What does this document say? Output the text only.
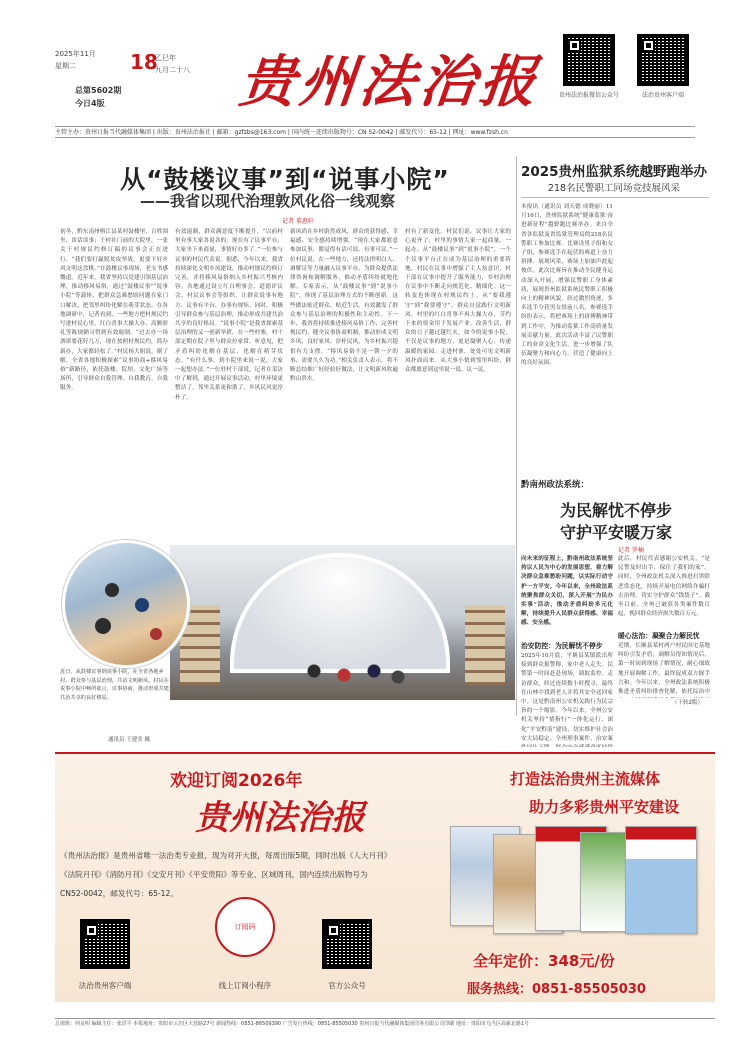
2025年11月
星期二	18
乙巳年
九月二十八
总第5602期
今日4版 贵州法治报	贵州法治报微信公众号	法治贵州客户端
主管主办：贵州日报当代融媒体集团 | 出版：贵州法治报社 | 邮箱：gzfzbs@163.com | 国内统一连续出版物号：CN 52-0042 | 邮发代号：65-12 | 网址：www.fzsh.cn
从“鼓楼议事”到“说事小院”
——我省以现代治理敦风化俗一线观察
记者 董惠轩
初冬，黔东南州榕江县某村鼓楼里，百姓围坐、谈话谈事；千村社门前的大院里，一张关于村规民约修订稿的议事会正在进行。“我们要打赢脱贫攻坚战，更要下好乡风文明这盘棋。”在鼓楼议事现场，老支书感慨道。近年来，我省坚持以党建引领基层治理，推动移风易俗，通过“鼓楼议事”“说事小院”等载体，把群众急难愁盼问题在家门口解决，把邻里纠纷化解在萌芽状态。在各地调研中，记者看到，一些地方把村规民约写进村民心里，红白喜事大操大办、高额彩礼等陈规陋习得到有效遏制。“过去办一场酒席要花好几万，现在按照村规民约，简办新办，大家都轻松了。”村民杨大姐说。据了解，全省各地积极探索“议事协商+移风易俗”新路径，依托鼓楼、院坝、文化广场等场所，引导群众自我管理、自我教育、自我服务。
有效遏制，群众满意度不断提升。“以前村里有事大家各说各的，现在有了议事平台，大家坐下来商量，事情好办多了。”一位参与议事的村民代表说。据悉，今年以来，我省持续深化文明乡风建设，推动村规民约修订完善，并将移风易俗纳入乡村振兴考核内容。各地通过设立红白理事会、道德评议会、村民议事会等组织，让群众说事有地方、议事有平台、办事有规矩。同时，积极引导群众参与基层治理，推动形成共建共治共享的良好格局。“说事小院”是我省探索基层治理的又一创新举措。在一些村寨，村干部定期在院子里与群众拉家常、听意见，把矛盾纠纷化解在基层、化解在萌芽状态。“有什么事，到小院里来说一说，大家一起想办法。”一位驻村干部说。记者在采访中了解到，通过开展议事活动，村里环境更整洁了，邻里关系更和谐了，乡风民风更淳朴了。
新风尚在乡村蔚然成风，群众的获得感、幸福感、安全感持续增强。“现在大家都愿意参加议事，都觉得有话可说、有事可议。”一位村民说。在一些地方，还将法律明白人、调解员等力量融入议事平台，为群众提供法律咨询和调解服务，推动矛盾纠纷就地化解。专家表示，从“鼓楼议事”到“说事小院”，体现了基层治理方式的不断创新。这些做法贴近群众、贴近生活，有效激发了群众参与基层治理的积极性和主动性。下一步，我省将持续推进移风易俗工作，完善村规民约，健全议事协商机制，推动形成文明乡风、良好家风、淳朴民风，为乡村振兴提供有力支撑。“移风易俗不是一朝一夕的事，需要久久为功。”相关负责人表示，将不断总结推广好经验好做法，让文明新风吹遍黔山贵水。
村有了新变化。村民们说，议事让大家的心更齐了，村里的事情大家一起商量、一起办。从“鼓楼议事”到“说事小院”，一个个议事平台正在成为基层治理的重要阵地。村民在议事中增强了主人翁意识，村干部在议事中提升了服务能力，乡村治理在议事中不断走向规范化、精细化。这一转变也体现在村规民约上。从“要我遵守”到“我要遵守”，群众自觉践行文明新风。村里的红白喜事不再大操大办，节约下来的资金用于发展产业、改善生活，群众的日子越过越红火。如今的说事小院，不仅是议事的地方，更是凝聚人心、传递温暖的家园。走进村寨，处处可见文明新风扑面而来。从大事小情到邻里纠纷，群众都愿意到这里说一说、议一议。
近日，从鼓楼议事到说事小院，在全省各地乡村，群众参与基层治理，共话文明新风。村民在说事小院中畅所欲言，议事协商，推动形成共建共治共享的良好格局。
通讯员 王建美 摄
2025贵州监狱系统越野跑举办
218名民警职工同场竞技展风采
本报讯（通讯员 刘天德 成晓丽）11月16日，贵州监狱系统“健康监狱·奋进新征程”越野跑比赛举办。来自全省各监狱及省监狱管理局的218名民警职工参加比赛。比赛设男子组和女子组，参赛选手在起伏的赛道上奋力拼搏、展现风采，赛场上加油声此起彼伏。此次比赛旨在推动全民健身运动深入开展，增强民警职工身体素质，展现贵州监狱系统民警职工积极向上的精神风貌。经过激烈角逐，多名选手分获男女组前八名。参赛选手纷纷表示，将把赛场上的拼搏精神带到工作中，为推动监狱工作高质量发展贡献力量。此次活动丰富了民警职工的业余文化生活，进一步增强了队伍凝聚力和向心力，营造了健康向上的良好氛围。
黔南州政法系统：
为民解忧不停步
守护平安暖万家
记者 罗楠
向未来的征程上，黔南州政法系统坚持以人民为中心的发展思想，着力解决群众急难愁盼问题，以实际行动守护一方平安。今年以来，全州政法系统聚焦群众关切，深入开展“为民办实事”活动，推动矛盾纠纷多元化解，持续提升人民群众获得感、幸福感、安全感。
治安防控：为民解忧不停步
2025年10月底，平塘县某镇派出所接到群众报警称，家中老人走失。民警第一时间赶赴现场，调取监控、走访群众，经过连续数小时搜寻，最终在山林中找到老人并将其安全送回家中。这是黔南州公安机关践行为民宗旨的一个缩影。今年以来，全州公安机关坚持“情指行”一体化运行，深化“平安黔南”建设，切实维护社会治安大局稳定。全州刑事案件、治安案
此后，村民代表感谢公安机关，“是民警及时出手，保住了我们的家”。同时，全州政法机关深入推进扫黑除恶常态化，持续开展电信网络诈骗打击治理，切实守护群众“钱袋子”。截至目前，全州已破获各类案件数百起，挽回群众经济损失数百万元。
暖心法治：凝聚合力解民忧
近期，长顺县某村两户村民因宅基地纠纷引发矛盾，调解员得知情况后，第一时间到现场了解情况，耐心细致地开展调解工作，最终促成双方握手言和。今年以来，全州政法系统积极推进矛盾纠纷排查化解，依托综治中
（下转2版）
欢迎订阅2026年
贵州法治报
《贵州法治报》是贵州省唯一法治类专业报，现为对开大报，每周出版5期，同时出版《人大月刊》《法院月刊》《消防月刊》《交安月刊》《平安贵阳》等专业、区域周刊，国内连续出版物号为CN52-0042，邮发代号：65-12。
订阅码
法治贵州客户端	线上订阅小程序	官方公众号
打造法治贵州主流媒体
助力多彩贵州平安建设
全年定价：348元/份
服务热线：0851-85505030
总值班：何良明 编辑主任：张洪平 本报地址：贵阳市云岩区大营路27号 新闻热线：0851-86509390 广告发行热线：0851-85505030 贵州日报当代融媒体集团印务有限公司印刷 地址：贵阳市乌当区高新北路1号
